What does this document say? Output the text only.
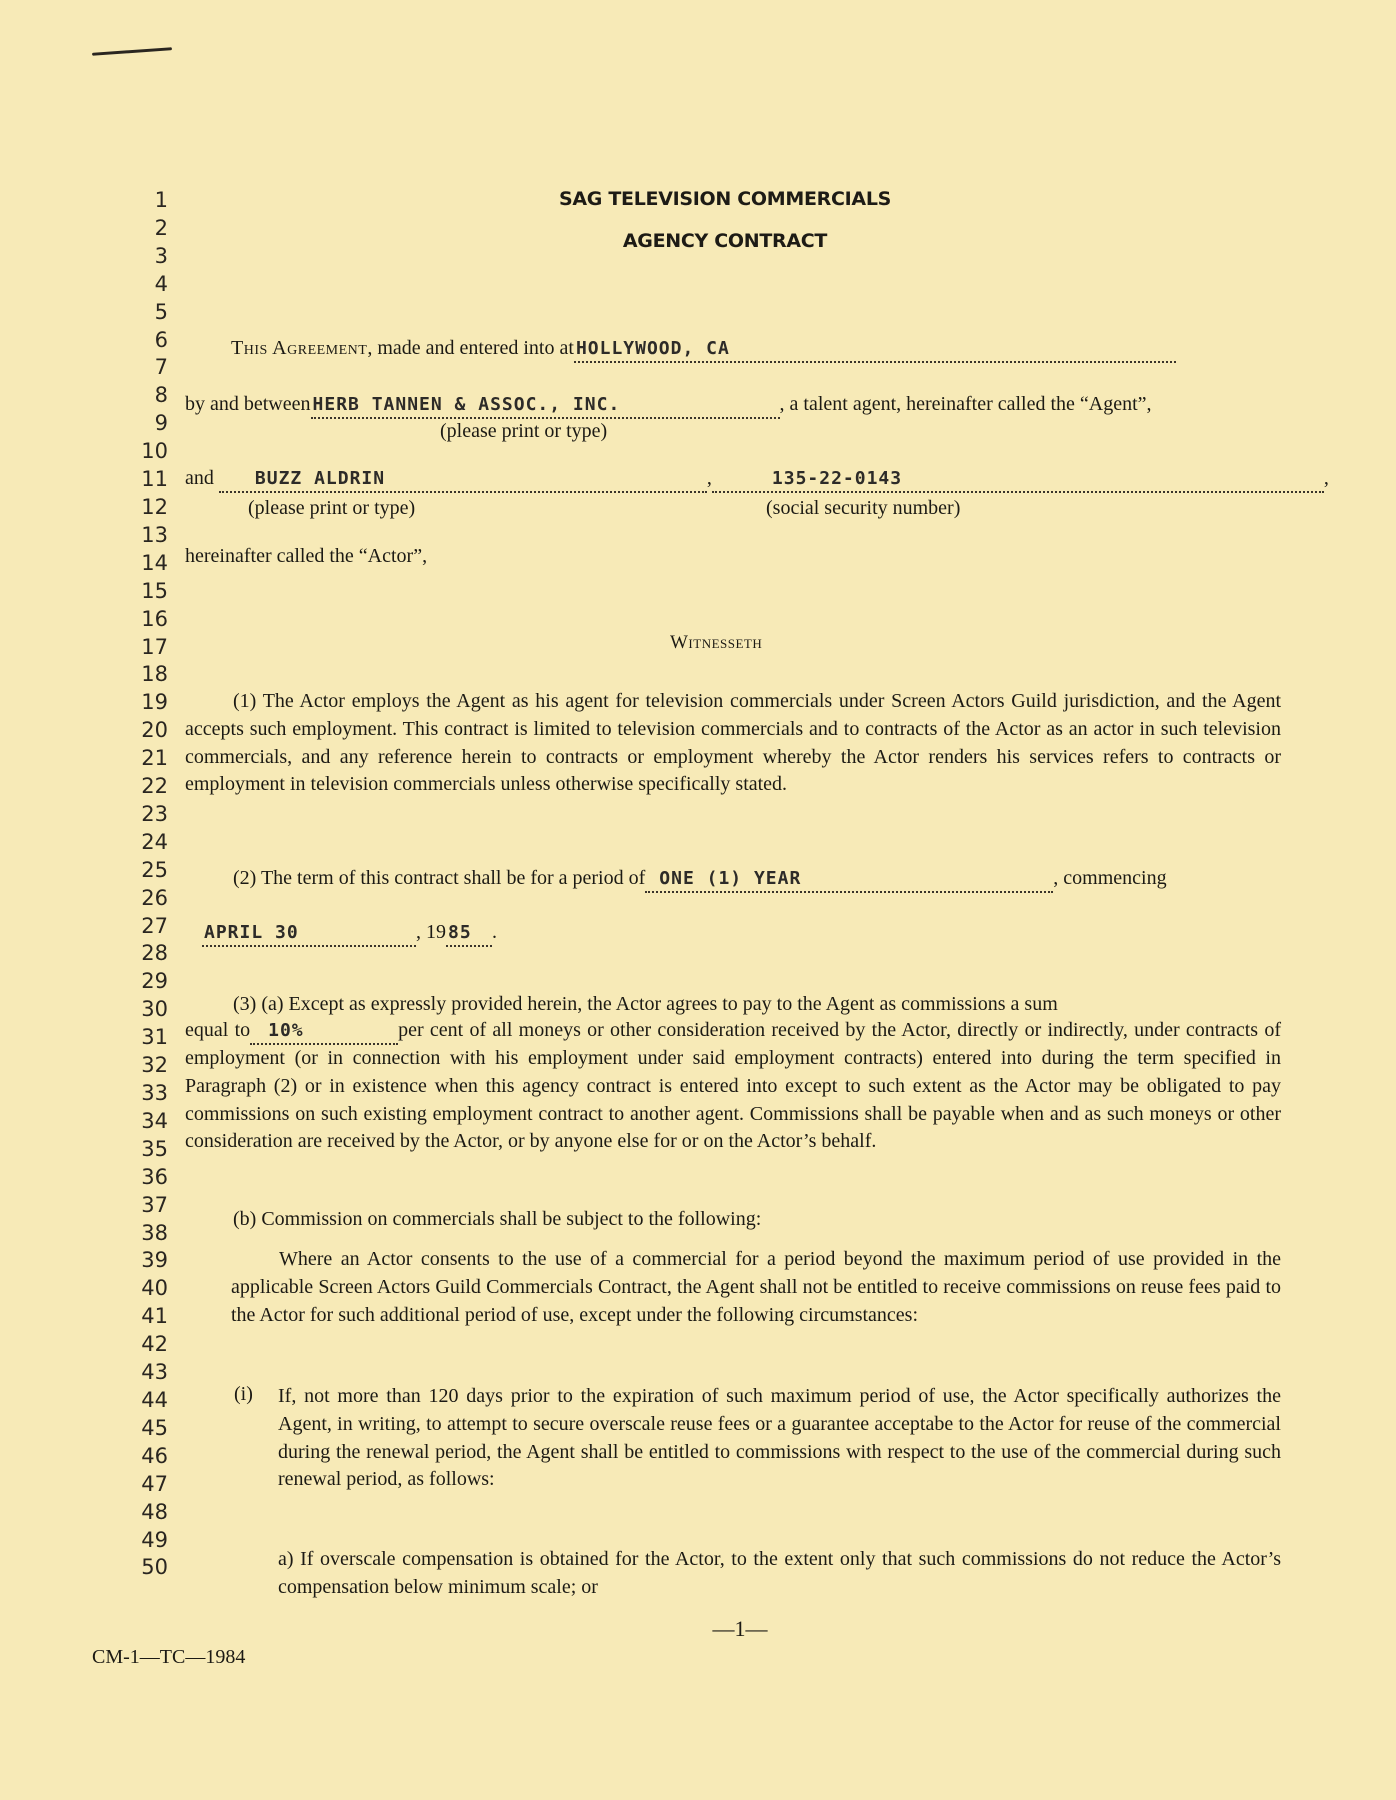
1
2
3
4
5
6
7
8
9
10
11
12
13
14
15
16
17
18
19
20
21
22
23
24
25
26
27
28
29
30
31
32
33
34
35
36
37
38
39
40
41
42
43
44
45
46
47
48
49
50
SAG TELEVISION COMMERCIALS
AGENCY CONTRACT
This Agreement, made and entered into at HOLLYWOOD, CA
by and between HERB TANNEN & ASSOC., INC.	, a talent agent, hereinafter called the “Agent”,
(please print or type)
and BUZZ ALDRIN	,	135-22-0143	,
(please print or type)	(social security number)
hereinafter called the “Actor”,
Witnesseth
(1) The Actor employs the Agent as his agent for television commercials under Screen Actors Guild jurisdiction, and the Agent accepts such employment. This contract is limited to television commercials and to contracts of the Actor as an actor in such television commercials, and any reference herein to contracts or employment whereby the Actor renders his services refers to contracts or employment in television commercials unless otherwise specifically stated.
(2) The term of this contract shall be for a period of ONE (1) YEAR	, commencing
APRIL 30	, 19 85 .
(3) (a) Except as expressly provided herein, the Actor agrees to pay to the Agent as commissions a sum
equal to 10%	per cent of all moneys or other consideration received by the Actor, directly or indirectly, under contracts of employment (or in connection with his employment under said employment contracts) entered into during the term specified in Paragraph (2) or in existence when this agency contract is entered into except to such extent as the Actor may be obligated to pay commissions on such existing employment contract to another agent. Commissions shall be payable when and as such moneys or other consideration are received by the Actor, or by anyone else for or on the Actor’s behalf.
(b) Commission on commercials shall be subject to the following:
Where an Actor consents to the use of a commercial for a period beyond the maximum period of use provided in the applicable Screen Actors Guild Commercials Contract, the Agent shall not be entitled to receive commissions on reuse fees paid to the Actor for such additional period of use, except under the following circumstances:
(i) If, not more than 120 days prior to the expiration of such maximum period of use, the Actor specifically authorizes the Agent, in writing, to attempt to secure overscale reuse fees or a guarantee acceptabe to the Actor for reuse of the commercial during the renewal period, the Agent shall be entitled to commissions with respect to the use of the commercial during such renewal period, as follows:
a) If overscale compensation is obtained for the Actor, to the extent only that such commissions do not reduce the Actor’s compensation below minimum scale; or
—1—
CM-1—TC—1984
